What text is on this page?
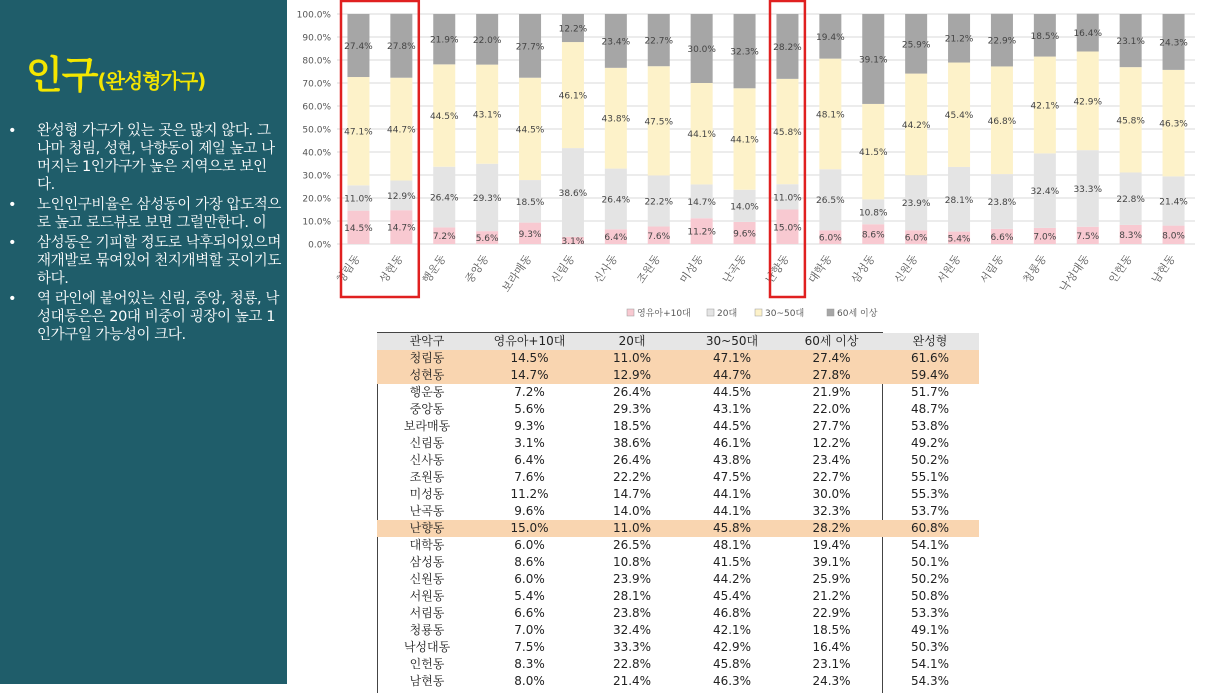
인구(완성형가구)
• 완성형 가구가 있는 곳은 많지 않다. 그나마 청림, 성현, 낙향동이 제일 높고 나머지는 1인가구가 높은 지역으로 보인다.
• 노인인구비율은 삼성동이 가장 압도적으로 높고 로드뷰로 보면 그럴만한다. 이
• 삼성동은 기피할 정도로 낙후되어있으며 재개발로 묶여있어 천지개벽할 곳이기도 하다.
• 역 라인에 붙어있는 신림, 중앙, 청룡, 낙성대동은은 20대 비중이 굉장이 높고 1인가구일 가능성이 크다.
0.0%
10.0%
20.0%
30.0%
40.0%
50.0%
60.0%
70.0%
80.0%
90.0%
100.0%
14.5%
11.0%
47.1%
27.4%
청림동
14.7%
12.9%
44.7%
27.8%
성현동
7.2%
26.4%
44.5%
21.9%
행운동
5.6%
29.3%
43.1%
22.0%
중앙동
9.3%
18.5%
44.5%
27.7%
보라매동
3.1%
38.6%
46.1%
12.2%
신림동
6.4%
26.4%
43.8%
23.4%
신사동
7.6%
22.2%
47.5%
22.7%
조원동
11.2%
14.7%
44.1%
30.0%
미성동
9.6%
14.0%
44.1%
32.3%
난곡동
15.0%
11.0%
45.8%
28.2%
난향동
6.0%
26.5%
48.1%
19.4%
대학동
8.6%
10.8%
41.5%
39.1%
삼성동
6.0%
23.9%
44.2%
25.9%
신원동
5.4%
28.1%
45.4%
21.2%
서원동
6.6%
23.8%
46.8%
22.9%
서림동
7.0%
32.4%
42.1%
18.5%
청룡동
7.5%
33.3%
42.9%
16.4%
낙성대동
8.3%
22.8%
45.8%
23.1%
인헌동
8.0%
21.4%
46.3%
24.3%
남현동
영유아+10대	20대	30~50대	60세 이상
관악구	영유아+10대	20대	30~50대	60세 이상	완성형
청림동	14.5%	11.0%	47.1%	27.4%	61.6%
성현동	14.7%	12.9%	44.7%	27.8%	59.4%
행운동	7.2%	26.4%	44.5%	21.9%	51.7%
중앙동	5.6%	29.3%	43.1%	22.0%	48.7%
보라매동	9.3%	18.5%	44.5%	27.7%	53.8%
신림동	3.1%	38.6%	46.1%	12.2%	49.2%
신사동	6.4%	26.4%	43.8%	23.4%	50.2%
조원동	7.6%	22.2%	47.5%	22.7%	55.1%
미성동	11.2%	14.7%	44.1%	30.0%	55.3%
난곡동	9.6%	14.0%	44.1%	32.3%	53.7%
난향동	15.0%	11.0%	45.8%	28.2%	60.8%
대학동	6.0%	26.5%	48.1%	19.4%	54.1%
삼성동	8.6%	10.8%	41.5%	39.1%	50.1%
신원동	6.0%	23.9%	44.2%	25.9%	50.2%
서원동	5.4%	28.1%	45.4%	21.2%	50.8%
서림동	6.6%	23.8%	46.8%	22.9%	53.3%
청룡동	7.0%	32.4%	42.1%	18.5%	49.1%
낙성대동	7.5%	33.3%	42.9%	16.4%	50.3%
인헌동	8.3%	22.8%	45.8%	23.1%	54.1%
남현동	8.0%	21.4%	46.3%	24.3%	54.3%
